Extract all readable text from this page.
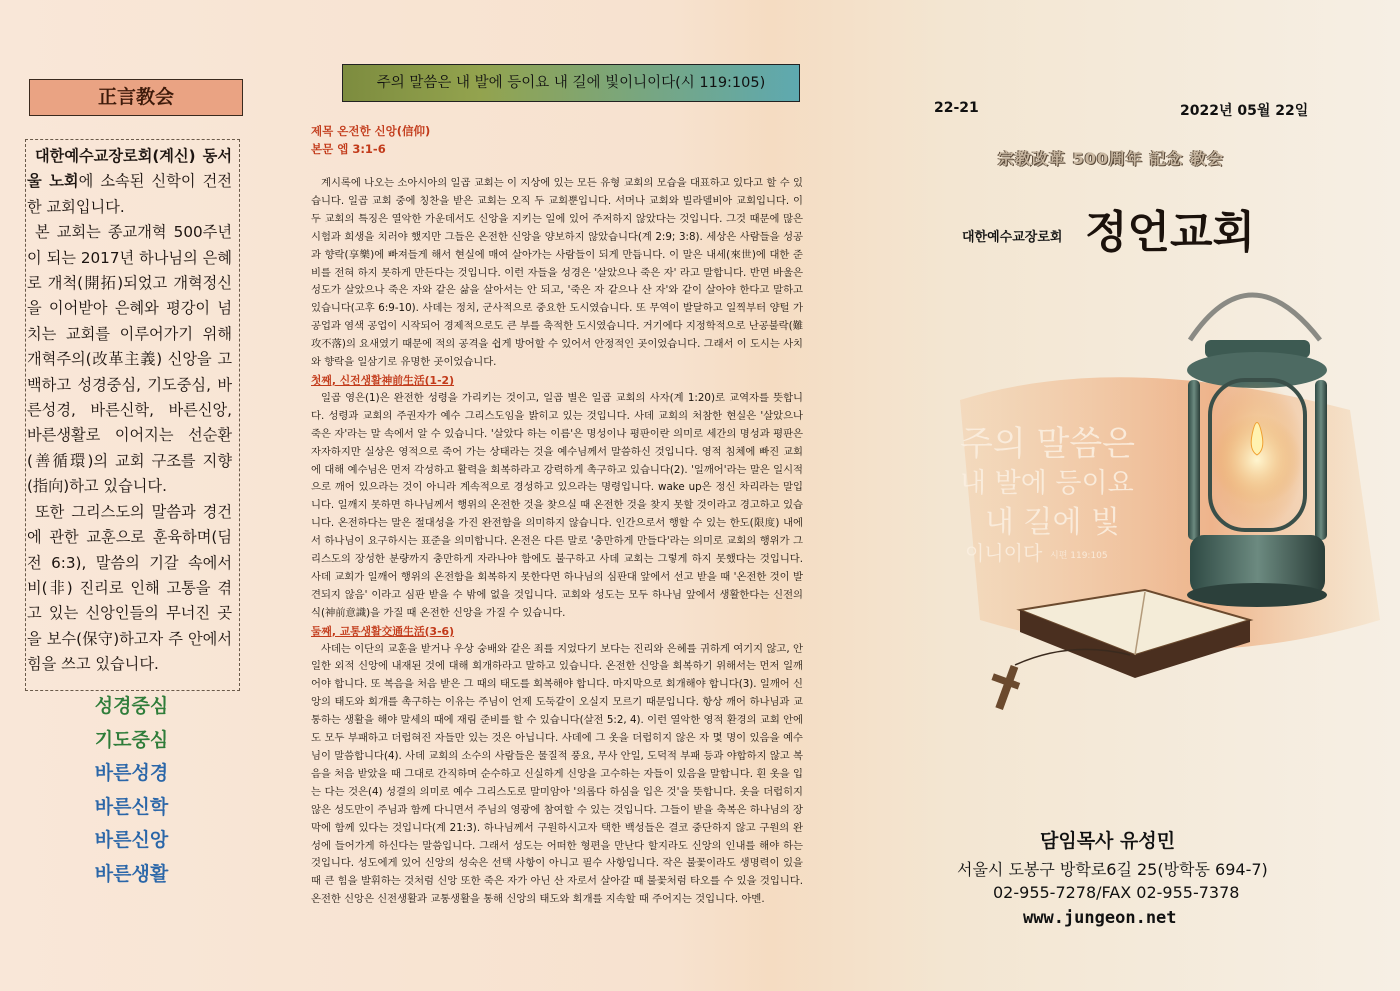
正言教会

대한예수교장로회(계신) 동서울 노회에 소속된 신학이 건전한 교회입니다.

본 교회는 종교개혁 500주년이 되는 2017년 하나님의 은혜로 개척(開拓)되었고 개혁정신을 이어받아 은혜와 평강이 넘치는 교회를 이루어가기 위해 개혁주의(改革主義) 신앙을 고백하고 성경중심, 기도중심, 바른성경, 바른신학, 바른신앙, 바른생활로 이어지는 선순환(善循環)의 교회 구조를 지향(指向)하고 있습니다.

또한 그리스도의 말씀과 경건에 관한 교훈으로 훈육하며(딤전 6:3), 말씀의 기갈 속에서 비(非) 진리로 인해 고통을 겪고 있는 신앙인들의 무너진 곳을 보수(保守)하고자 주 안에서 힘을 쓰고 있습니다.

성경중심
기도중심
바른성경
바른신학
바른신앙
바른생활
주의 말씀은 내 발에 등이요 내 길에 빛이니이다(시 119:105)
제목 온전한 신앙(信仰)
본문 엡 3:1-6

계시록에 나오는 소아시아의 일곱 교회는 이 지상에 있는 모든 유형 교회의 모습을 대표하고 있다고 할 수 있습니다. 일곱 교회 중에 칭찬을 받은 교회는 오직 두 교회뿐입니다. 서머나 교회와 빌라델비아 교회입니다. 이 두 교회의 특징은 열악한 가운데서도 신앙을 지키는 일에 있어 주저하지 않았다는 것입니다. 그것 때문에 많은 시험과 희생을 치러야 했지만 그들은 온전한 신앙을 양보하지 않았습니다(계 2:9; 3:8). 세상은 사람들을 성공과 향락(享樂)에 빠져들게 해서 현실에 매여 살아가는 사람들이 되게 만듭니다. 이 말은 내세(來世)에 대한 준비를 전혀 하지 못하게 만든다는 것입니다. 이런 자들을 성경은 '살았으나 죽은 자' 라고 말합니다. 반면 바울은 성도가 살았으나 죽은 자와 같은 삶을 살아서는 안 되고, '죽은 자 같으나 산 자'와 같이 살아야 한다고 말하고 있습니다(고후 6:9-10). 사데는 정치, 군사적으로 중요한 도시였습니다. 또 무역이 발달하고 일찍부터 양털 가공업과 염색 공업이 시작되어 경제적으로도 큰 부를 축적한 도시였습니다. 거기에다 지정학적으로 난공불락(難攻不落)의 요새였기 때문에 적의 공격을 쉽게 방어할 수 있어서 안정적인 곳이었습니다. 그래서 이 도시는 사치와 향락을 일삼기로 유명한 곳이었습니다.

첫째, 신전생활神前生活(1-2)

일곱 영은(1)은 완전한 성령을 가리키는 것이고, 일곱 별은 일곱 교회의 사자(계 1:20)로 교역자를 뜻합니다. 성령과 교회의 주권자가 예수 그리스도임을 밝히고 있는 것입니다. 사데 교회의 처참한 현실은 '살았으나 죽은 자'라는 말 속에서 알 수 있습니다. '살았다 하는 이름'은 명성이나 평판이란 의미로 세간의 명성과 평판은 자자하지만 실상은 영적으로 죽어 가는 상태라는 것을 예수님께서 말씀하신 것입니다. 영적 침체에 빠진 교회에 대해 예수님은 먼저 각성하고 활력을 회복하라고 강력하게 촉구하고 있습니다(2). '일깨어'라는 말은 일시적으로 깨어 있으라는 것이 아니라 계속적으로 경성하고 있으라는 명령입니다. wake up은 정신 차리라는 말입니다. 일깨지 못하면 하나님께서 행위의 온전한 것을 찾으실 때 온전한 것을 찾지 못할 것이라고 경고하고 있습니다. 온전하다는 말은 절대성을 가진 완전함을 의미하지 않습니다. 인간으로서 행할 수 있는 한도(限度) 내에서 하나님이 요구하시는 표준을 의미합니다. 온전은 다른 말로 '충만하게 만들다'라는 의미로 교회의 행위가 그리스도의 장성한 분량까지 충만하게 자라나야 함에도 불구하고 사데 교회는 그렇게 하지 못했다는 것입니다. 사데 교회가 일깨어 행위의 온전함을 회복하지 못한다면 하나님의 심판대 앞에서 선고 받을 때 '온전한 것이 발견되지 않음' 이라고 심판 받을 수 밖에 없을 것입니다. 교회와 성도는 모두 하나님 앞에서 생활한다는 신전의식(神前意識)을 가질 때 온전한 신앙을 가질 수 있습니다.

둘째, 교통생활交通生活(3-6)

사데는 이단의 교훈을 받거나 우상 숭배와 같은 죄를 지었다기 보다는 진리와 은혜를 귀하게 여기지 않고, 안일한 외적 신앙에 내재된 것에 대해 회개하라고 말하고 있습니다. 온전한 신앙을 회복하기 위해서는 먼저 일깨어야 합니다. 또 복음을 처음 받은 그 때의 태도를 회복해야 합니다. 마지막으로 회개해야 합니다(3). 일깨어 신앙의 태도와 회개를 촉구하는 이유는 주님이 언제 도둑같이 오실지 모르기 때문입니다. 항상 깨어 하나님과 교통하는 생활을 해야 말세의 때에 재림 준비를 할 수 있습니다(살전 5:2, 4). 이런 열악한 영적 환경의 교회 안에도 모두 부패하고 더럽혀진 자들만 있는 것은 아닙니다. 사데에 그 옷을 더럽히지 않은 자 몇 명이 있음을 예수님이 말씀합니다(4). 사데 교회의 소수의 사람들은 물질적 풍요, 무사 안일, 도덕적 부패 등과 야합하지 않고 복음을 처음 받았을 때 그대로 간직하며 순수하고 신실하게 신앙을 고수하는 자들이 있음을 말합니다. 흰 옷을 입는 다는 것은(4) 성결의 의미로 예수 그리스도로 말미암아 '의롭다 하심을 입은 것'을 뜻합니다. 옷을 더럽히지 않은 성도만이 주님과 함께 다니면서 주님의 영광에 참여할 수 있는 것입니다. 그들이 받을 축복은 하나님의 장막에 함께 있다는 것입니다(계 21:3). 하나님께서 구원하시고자 택한 백성들은 결코 중단하지 않고 구원의 완성에 들어가게 하신다는 말씀입니다. 그래서 성도는 어떠한 형편을 만난다 할지라도 신앙의 인내를 해야 하는 것입니다. 성도에게 있어 신앙의 성숙은 선택 사항이 아니고 필수 사항입니다. 작은 불꽃이라도 생명력이 있을 때 큰 힘을 발휘하는 것처럼 신앙 또한 죽은 자가 아닌 산 자로서 살아갈 때 불꽃처럼 타오를 수 있을 것입니다. 온전한 신앙은 신전생활과 교통생활을 통해 신앙의 태도와 회개를 지속할 때 주어지는 것입니다. 아멘.

22-21	2022년 05월 22일
宗教改革 500周年 記念 教会
대한예수교장로회 정언교회
주의 말씀은
내 발에 등이요
내 길에 빛
이니이다 시편 119:105
담임목사 유성민
서울시 도봉구 방학로6길 25(방학동 694-7)
02-955-7278/FAX 02-955-7378
www.jungeon.net
